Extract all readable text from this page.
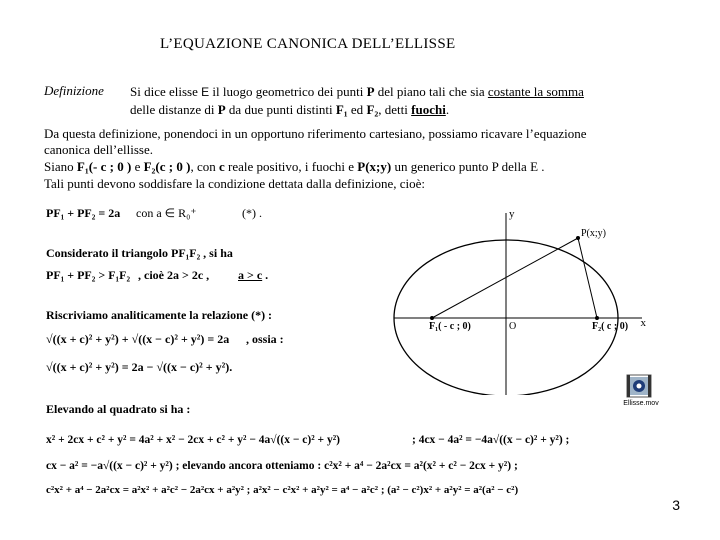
L’EQUAZIONE CANONICA DELL’ELLISSE
Definizione Si dice elisse E il luogo geometrico dei punti P del piano tali che sia costante la somma
delle distanze di P da due punti distinti F₁ ed F₂, detti fuochi.
Da questa definizione, ponendoci in un opportuno riferimento cartesiano, possiamo ricavare l’equazione
canonica dell’ellisse.
Siano F₁(- c ; 0 ) e F₂(c ; 0 ), con c reale positivo, i fuochi e P(x;y) un generico punto P della E .
Tali punti devono soddisfare la condizione dettata dalla definizione, cioè:
PF₁ + PF₂ = 2a con a ∈ R₀⁺	(*) .
Considerato il triangolo PF₁F₂ , si ha
PF₁ + PF₂ > F₁F₂ , cioè 2a > 2c , a > c .
Riscriviamo analiticamente la relazione (*) :
√((x + c)² + y²) + √((x − c)² + y²) = 2a , ossia :
√((x + c)² + y²) = 2a − √((x − c)² + y²).
Elevando al quadrato si ha :
x² + 2cx + c² + y² = 4a² + x² − 2cx + c² + y² − 4a√((x − c)² + y²)	; 4cx − 4a² = −4a√((x − c)² + y²) ;
cx − a² = −a√((x − c)² + y²) ; elevando ancora otteniamo : c²x² + a⁴ − 2a²cx = a²(x² + c² − 2cx + y²) ;
c²x² + a⁴ − 2a²cx = a²x² + a²c² − 2a²cx + a²y² ; a²x² − c²x² + a²y² = a⁴ − a²c² ; (a² − c²)x² + a²y² = a²(a² − c²)
y
x
O
P(x;y)
F₁( - c ; 0)	F₂( c ; 0)
Ellisse.mov
3
